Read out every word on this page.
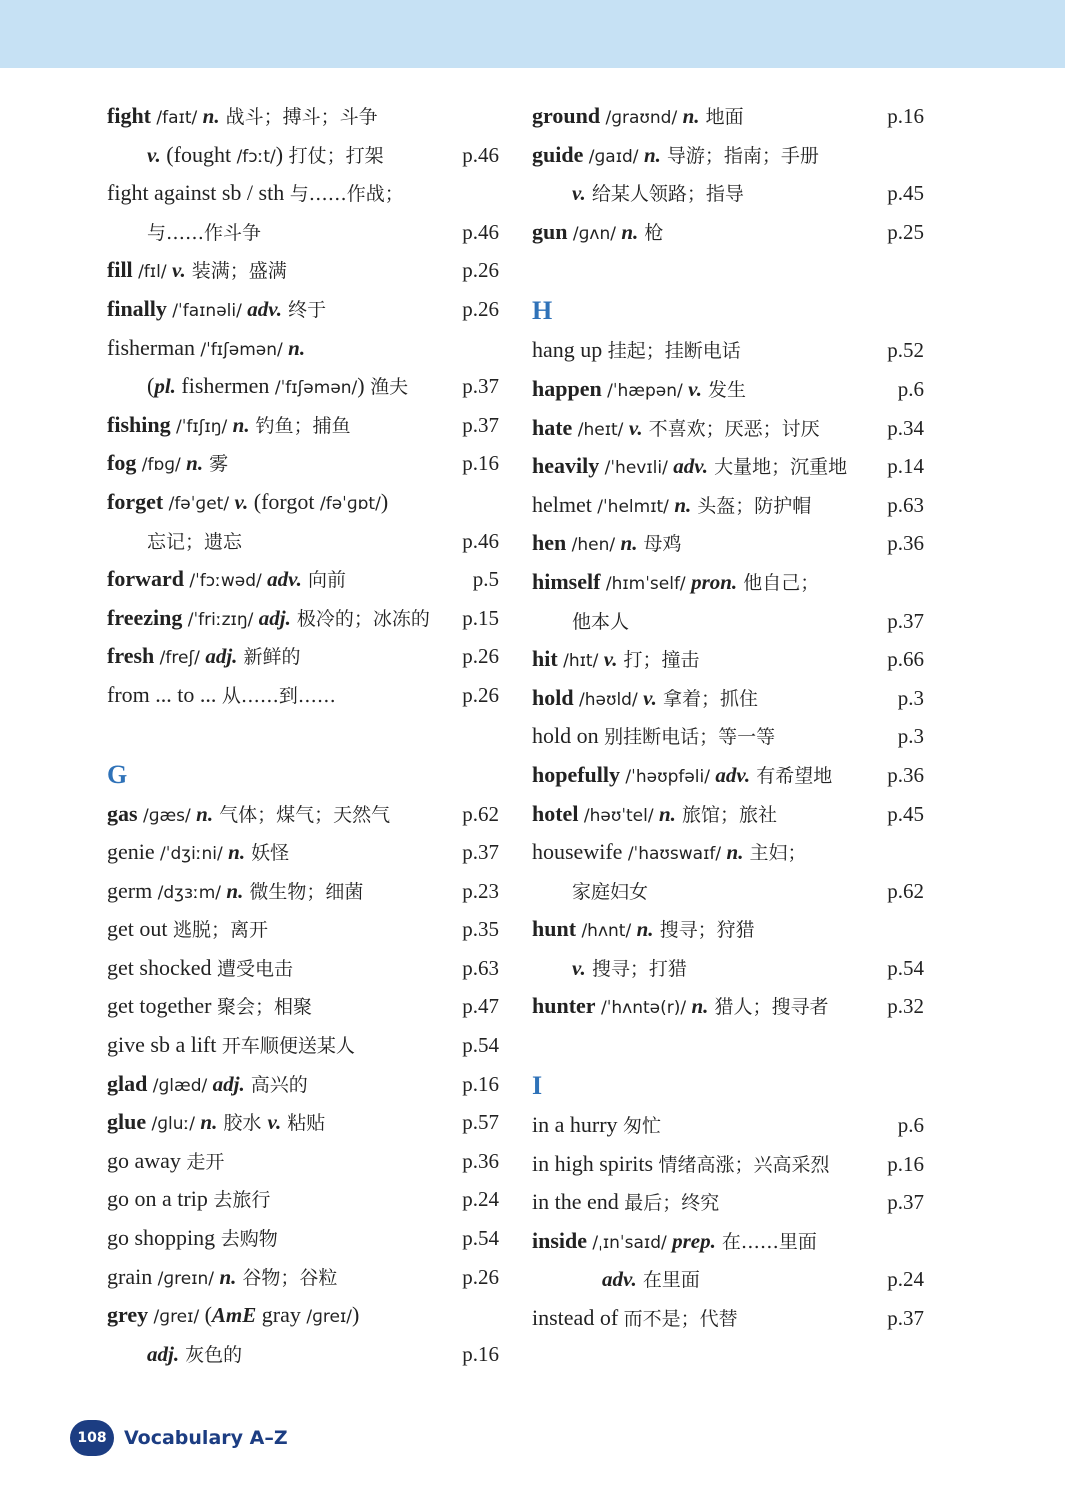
fight /faɪt/ n. 战斗；搏斗；斗争
v. (fought /fɔːt/) 打仗；打架	p.46
fight against sb / sth 与……作战；
与……作斗争	p.46
fill /fɪl/ v. 装满；盛满	p.26
finally /ˈfaɪnəli/ adv. 终于	p.26
fisherman /ˈfɪʃəmən/ n.
(pl. fishermen /ˈfɪʃəmən/) 渔夫	p.37
fishing /ˈfɪʃɪŋ/ n. 钓鱼；捕鱼	p.37
fog /fɒɡ/ n. 雾	p.16
forget /fəˈɡet/ v. (forgot /fəˈɡɒt/)
忘记；遗忘	p.46
forward /ˈfɔːwəd/ adv. 向前	p.5
freezing /ˈfriːzɪŋ/ adj. 极冷的；冰冻的 p.15
fresh /freʃ/ adj. 新鲜的	p.26
from ... to ... 从……到……	p.26
G
gas /ɡæs/ n. 气体；煤气；天然气	p.62
genie /ˈdʒiːni/ n. 妖怪	p.37
germ /dʒɜːm/ n. 微生物；细菌	p.23
get out 逃脱；离开	p.35
get shocked 遭受电击	p.63
get together 聚会；相聚	p.47
give sb a lift 开车顺便送某人	p.54
glad /ɡlæd/ adj. 高兴的	p.16
glue /ɡluː/ n. 胶水 v. 粘贴	p.57
go away 走开	p.36
go on a trip 去旅行	p.24
go shopping 去购物	p.54
grain /ɡreɪn/ n. 谷物；谷粒	p.26
grey /ɡreɪ/ (AmE gray /ɡreɪ/)
adj. 灰色的	p.16
ground /ɡraʊnd/ n. 地面	p.16
guide /ɡaɪd/ n. 导游；指南；手册
v. 给某人领路；指导	p.45
gun /ɡʌn/ n. 枪	p.25
H
hang up 挂起；挂断电话	p.52
happen /ˈhæpən/ v. 发生	p.6
hate /heɪt/ v. 不喜欢；厌恶；讨厌	p.34
heavily /ˈhevɪli/ adv. 大量地；沉重地 p.14
helmet /ˈhelmɪt/ n. 头盔；防护帽	p.63
hen /hen/ n. 母鸡	p.36
himself /hɪmˈself/ pron. 他自己；
他本人	p.37
hit /hɪt/ v. 打；撞击	p.66
hold /həʊld/ v. 拿着；抓住	p.3
hold on 别挂断电话；等一等	p.3
hopefully /ˈhəʊpfəli/ adv. 有希望地	p.36
hotel /həʊˈtel/ n. 旅馆；旅社	p.45
housewife /ˈhaʊswaɪf/ n. 主妇；
家庭妇女	p.62
hunt /hʌnt/ n. 搜寻；狩猎
v. 搜寻；打猎	p.54
hunter /ˈhʌntə(r)/ n. 猎人；搜寻者	p.32
I
in a hurry 匆忙	p.6
in high spirits 情绪高涨；兴高采烈	p.16
in the end 最后；终究	p.37
inside /ˌɪnˈsaɪd/ prep. 在……里面
adv. 在里面	p.24
instead of 而不是；代替	p.37
108 Vocabulary A–Z
